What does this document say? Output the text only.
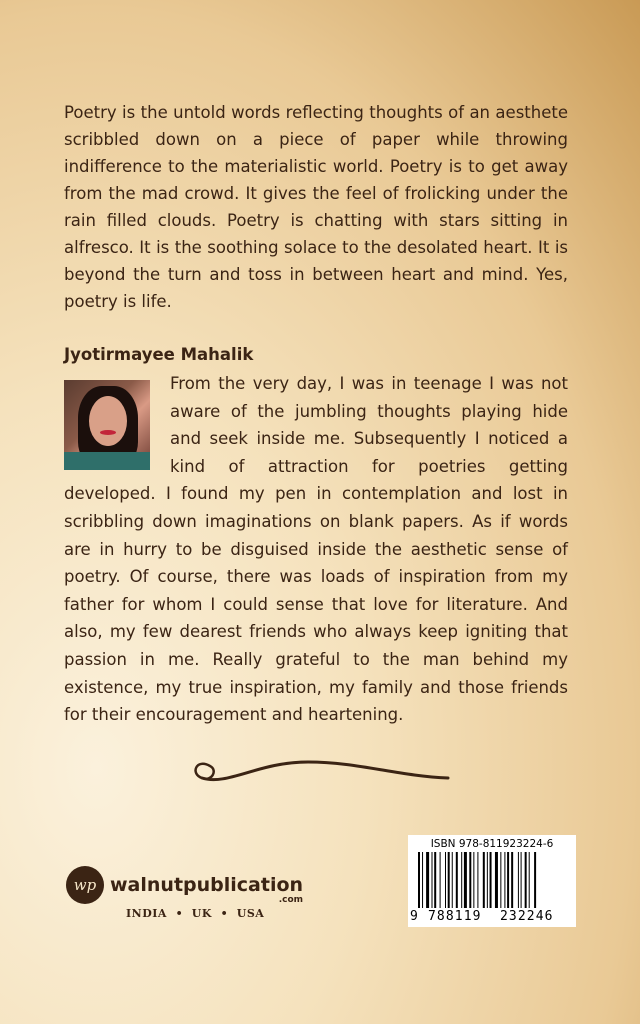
Poetry is the untold words reflecting thoughts of an aesthete scribbled down on a piece of paper while throwing indifference to the materialistic world. Poetry is to get away from the mad crowd. It gives the feel of frolicking under the rain filled clouds. Poetry is chatting with stars sitting in alfresco. It is the soothing solace to the desolated heart. It is beyond the turn and toss in between heart and mind. Yes, poetry is life.

Jyotirmayee Mahalik

From the very day, I was in teenage I was not aware of the jumbling thoughts playing hide and seek inside me. Subsequently I noticed a kind of attraction for poetries getting developed. I found my pen in contemplation and lost in scribbling down imaginations on blank papers. As if words are in hurry to be disguised inside the aesthetic sense of poetry. Of course, there was loads of inspiration from my father for whom I could sense that love for literature. And also, my few dearest friends who always keep igniting that passion in me. Really grateful to the man behind my existence, my true inspiration, my family and those friends for their encouragement and heartening.

wp walnutpublication
.com
INDIA  •  UK  •  USA
ISBN 978-811923224-6
9 788119 232246
